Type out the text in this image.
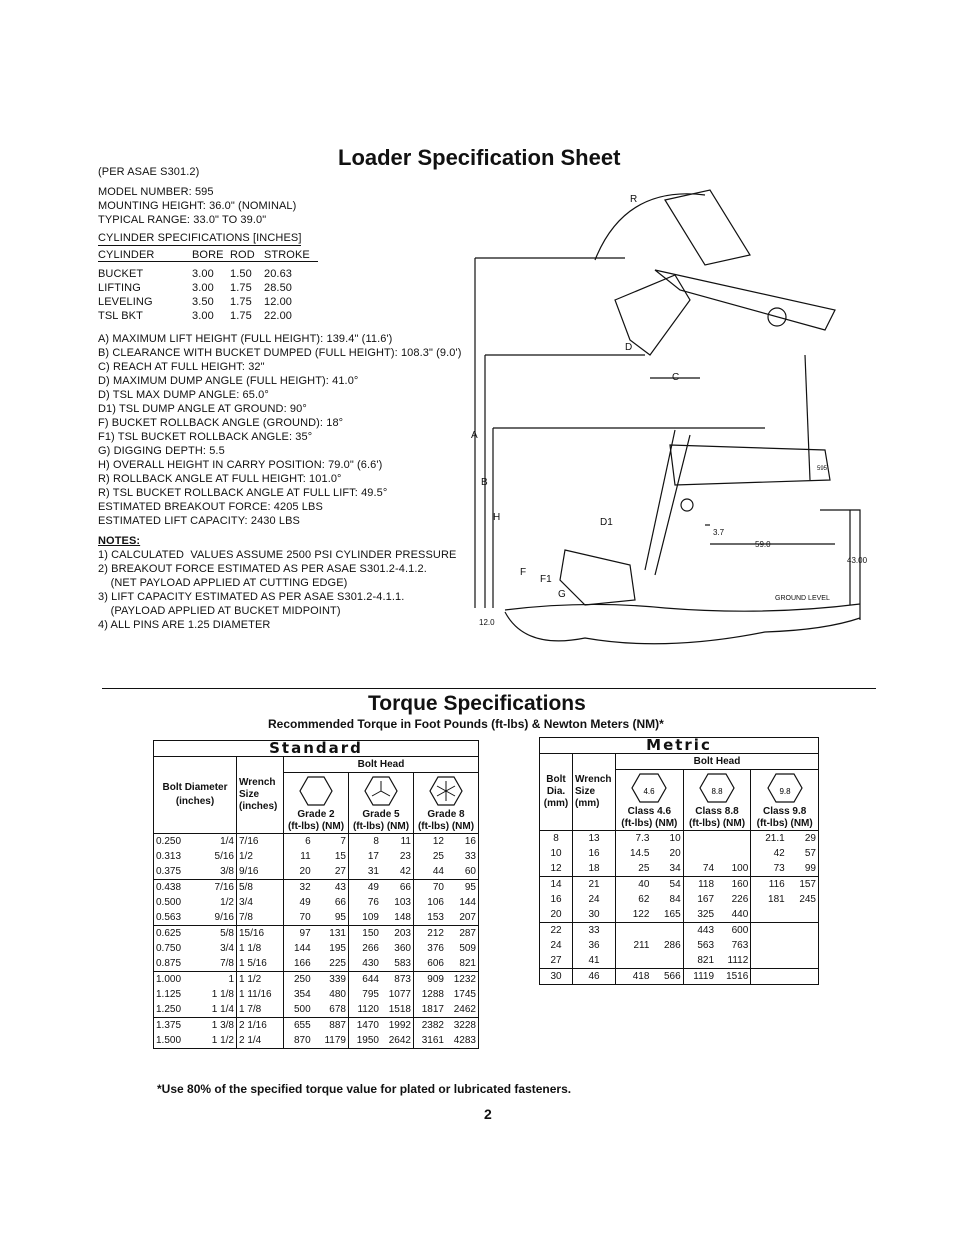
Loader Specification Sheet
(PER ASAE S301.2)
MODEL NUMBER: 595
MOUNTING HEIGHT: 36.0" (NOMINAL)
TYPICAL RANGE: 33.0" TO 39.0"
CYLINDER SPECIFICATIONS [INCHES]
CYLINDER	BORE	ROD	STROKE

BUCKET	3.00	1.50	20.63
LIFTING	3.00	1.75	28.50
LEVELING	3.50	1.75	12.00
TSL BKT	3.00	1.75	22.00
A) MAXIMUM LIFT HEIGHT (FULL HEIGHT): 139.4" (11.6')
B) CLEARANCE WITH BUCKET DUMPED (FULL HEIGHT): 108.3" (9.0')
C) REACH AT FULL HEIGHT: 32"
D) MAXIMUM DUMP ANGLE (FULL HEIGHT): 41.0°
D) TSL MAX DUMP ANGLE: 65.0°
D1) TSL DUMP ANGLE AT GROUND: 90°
F) BUCKET ROLLBACK ANGLE (GROUND): 18°
F1) TSL BUCKET ROLLBACK ANGLE: 35°
G) DIGGING DEPTH: 5.5
H) OVERALL HEIGHT IN CARRY POSITION: 79.0" (6.6')
R) ROLLBACK ANGLE AT FULL HEIGHT: 101.0°
R) TSL BUCKET ROLLBACK ANGLE AT FULL LIFT: 49.5°
ESTIMATED BREAKOUT FORCE: 4205 LBS
ESTIMATED LIFT CAPACITY: 2430 LBS
NOTES:
1) CALCULATED  VALUES ASSUME 2500 PSI CYLINDER PRESSURE
2) BREAKOUT FORCE ESTIMATED AS PER ASAE S301.2-4.1.2.
(NET PAYLOAD APPLIED AT CUTTING EDGE)
3) LIFT CAPACITY ESTIMATED AS PER ASAE S301.2-4.1.1.
(PAYLOAD APPLIED AT BUCKET MIDPOINT)
4) ALL PINS ARE 1.25 DIAMETER
R
D
C
A
B
H
F
F1
G
D1
595
3.7
59.0
43.00
12.0
GROUND LEVEL
Torque Specifications
Recommended Torque in Foot Pounds (ft-lbs) & Newton Meters (NM)*
Standard							
Bolt Diameter (inches)	Wrench Size (inches)	Bolt Head					

		Grade 2
(ft-lbs) (NM)		Grade 5
(ft-lbs) (NM)		Grade 8
(ft-lbs) (NM)	
0.250 1/4	7/16	6	7	8	11	12	16
0.313 5/16	1/2	11	15	17	23	25	33
0.375 3/8	9/16	20	27	31	42	44	60
0.438 7/16	5/8	32	43	49	66	70	95
0.500 1/2	3/4	49	66	76	103	106	144
0.563 9/16	7/8	70	95	109	148	153	207
0.625 5/8	15/16	97	131	150	203	212	287
0.750 3/4	1 1/8	144	195	266	360	376	509
0.875 7/8	1 5/16	166	225	430	583	606	821
1.000 1	1 1/2	250	339	644	873	909	1232
1.125 1 1/8	1 11/16	354	480	795	1077	1288	1745
1.250 1 1/4	1 7/8	500	678	1120	1518	1817	2462
1.375 1 3/8	2 1/16	655	887	1470	1992	2382	3228
1.500 1 1/2	2 1/4	870	1179	1950	2642	3161	4283
Metric							
Bolt Dia. (mm)	Wrench Size (mm)	Bolt Head					

4.6		8.8		9.8	

		Class 4.6
(ft-lbs) (NM)		Class 8.8
(ft-lbs) (NM)		Class 9.8
(ft-lbs) (NM)	
8	13	7.3	10			21.1	29
10	16	14.5	20			42	57
12	18	25	34	74	100	73	99
14	21	40	54	118	160	116	157
16	24	62	84	167	226	181	245
20	30	122	165	325	440		
22	33			443	600		
24	36	211	286	563	763		
27	41			821	1112		
30	46	418	566	1119	1516		
*Use 80% of the specified torque value for plated or lubricated fasteners.
2
